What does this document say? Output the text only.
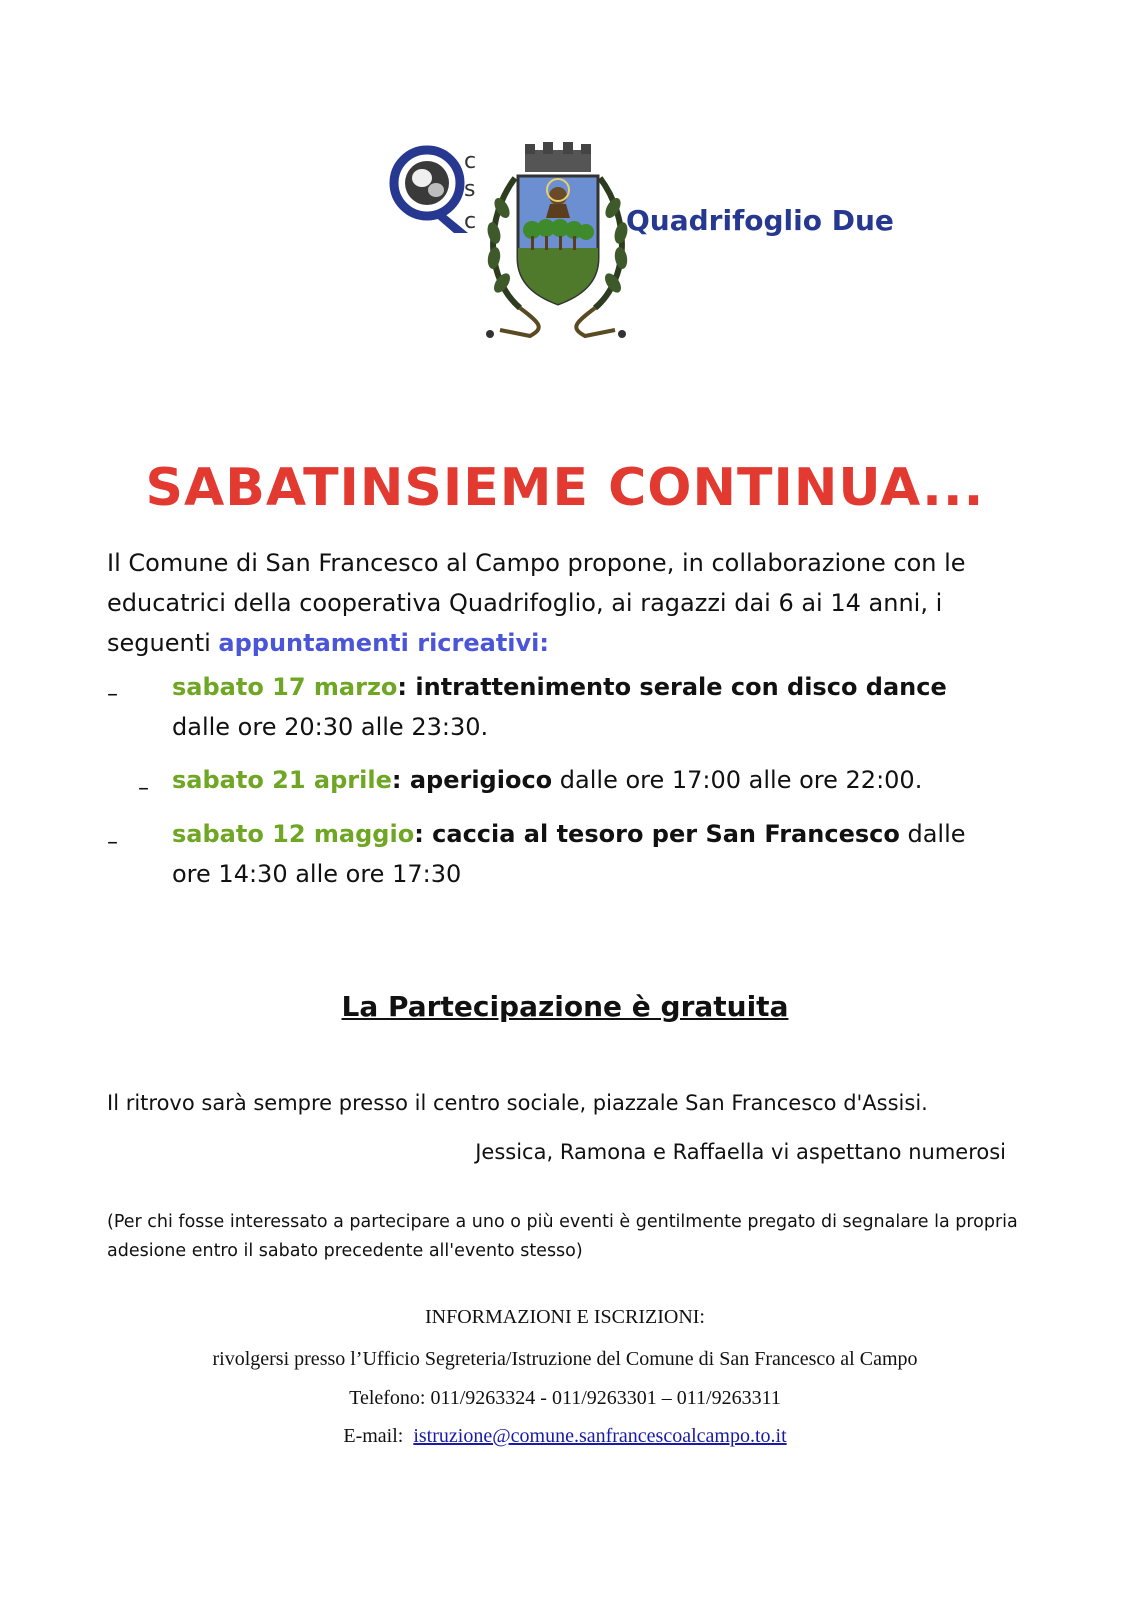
c
s
c	Quadrifoglio Due
SABATINSIEME CONTINUA...

Il Comune di San Francesco al Campo propone, in collaborazione con le educatrici della cooperativa Quadrifoglio, ai ragazzi dai 6 ai 14 anni, i seguenti appuntamenti ricreativi:

– sabato 17 marzo: intrattenimento serale con disco dance dalle ore 20:30 alle 23:30.

– sabato 21 aprile: aperigioco dalle ore 17:00 alle ore 22:00.

– sabato 12 maggio: caccia al tesoro per San Francesco dalle ore 14:30 alle ore 17:30

La Partecipazione è gratuita

Il ritrovo sarà sempre presso il centro sociale, piazzale San Francesco d'Assisi.

Jessica, Ramona e Raffaella vi aspettano numerosi

(Per chi fosse interessato a partecipare a uno o più eventi è gentilmente pregato di segnalare la propria adesione entro il sabato precedente all'evento stesso)

INFORMAZIONI E ISCRIZIONI:

rivolgersi presso l’Ufficio Segreteria/Istruzione del Comune di San Francesco al Campo

Telefono: 011/9263324 - 011/9263301 – 011/9263311

E-mail: istruzione@comune.sanfrancescoalcampo.to.it
